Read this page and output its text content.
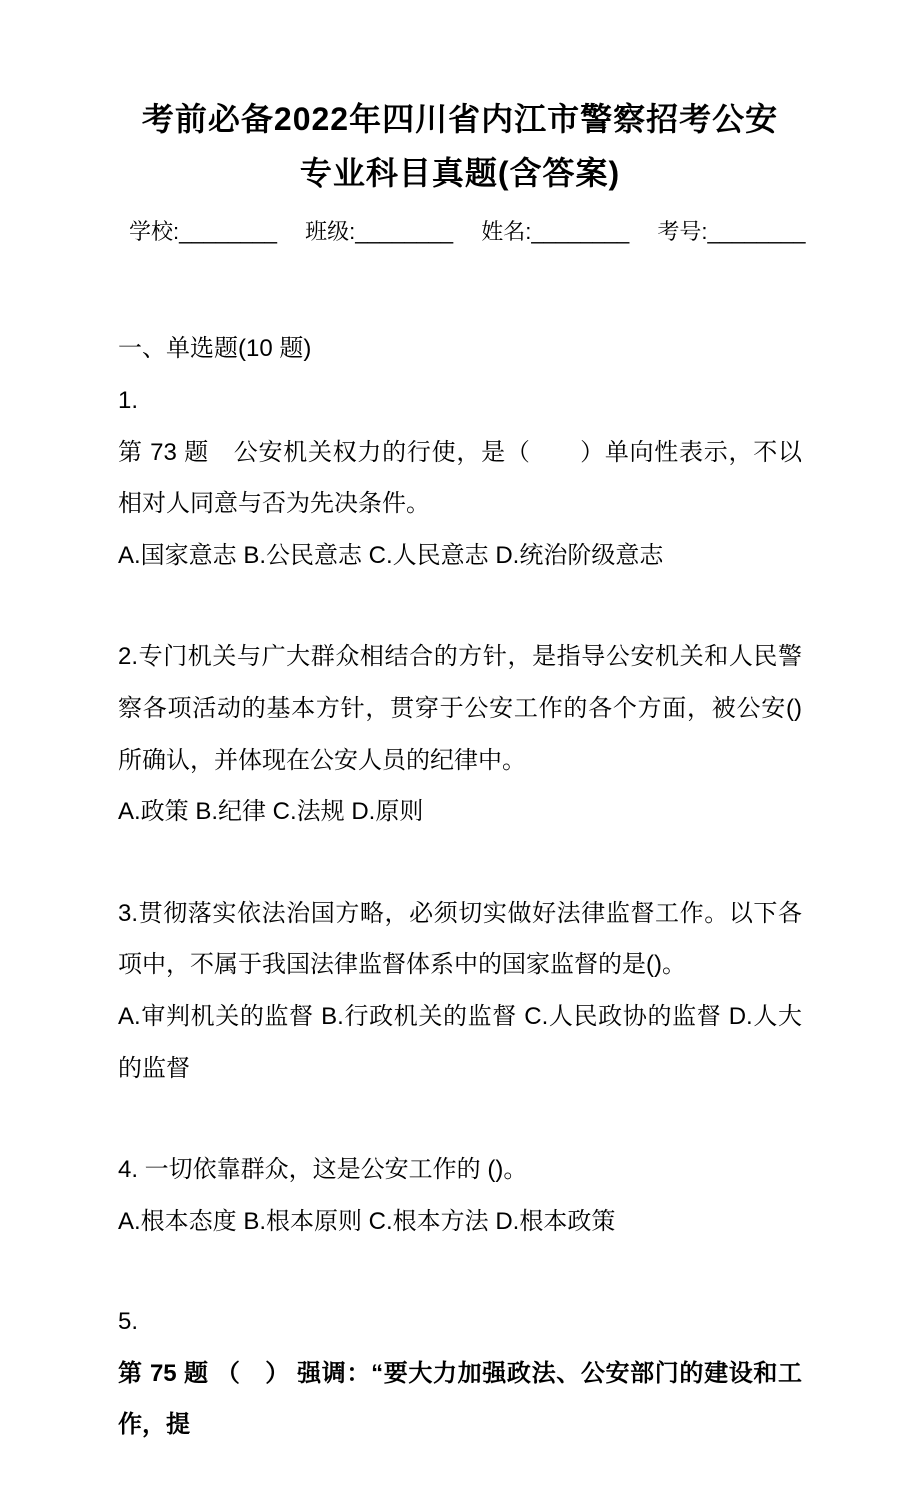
考前必备2022年四川省内江市警察招考公安专业科目真题(含答案)
学校:________ 班级:________ 姓名:________ 考号:________
一、单选题(10 题)
1.
第 73 题　公安机关权力的行使，是（　　）单向性表示，不以相对人同意与否为先决条件。
A.国家意志 B.公民意志 C.人民意志 D.统治阶级意志
2.专门机关与广大群众相结合的方针，是指导公安机关和人民警察各项活动的基本方针，贯穿于公安工作的各个方面，被公安()所确认，并体现在公安人员的纪律中。
A.政策 B.纪律 C.法规 D.原则
3.贯彻落实依法治国方略，必须切实做好法律监督工作。以下各项中，不属于我国法律监督体系中的国家监督的是()。
A.审判机关的监督 B.行政机关的监督 C.人民政协的监督 D.人大的监督
4. 一切依靠群众，这是公安工作的 ()。
A.根本态度 B.根本原则 C.根本方法 D.根本政策
5.
第 75 题 （　） 强调：“要大力加强政法、公安部门的建设和工作，提
